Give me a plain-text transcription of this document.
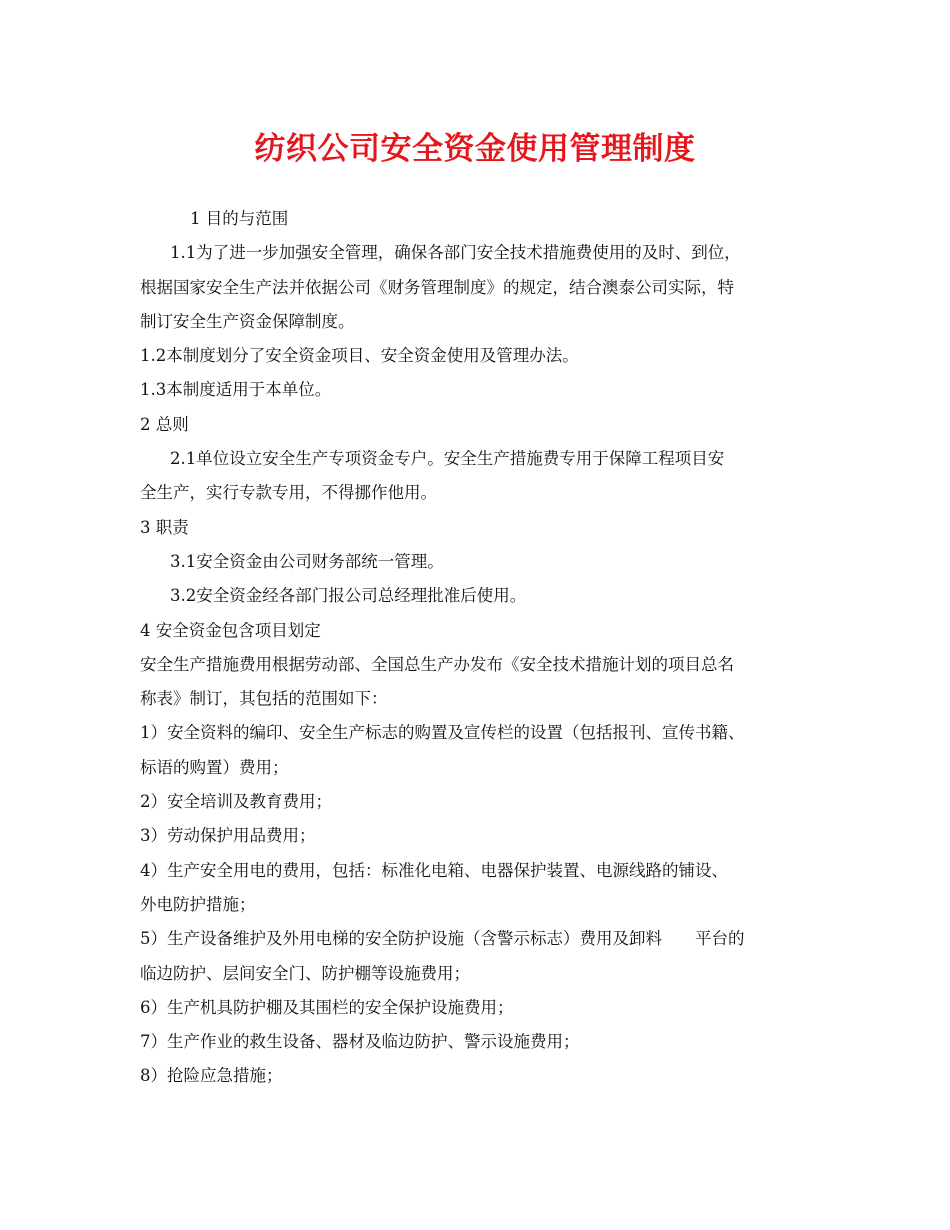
纺织公司安全资金使用管理制度
1 目的与范围
1.1为了进一步加强安全管理，确保各部门安全技术措施费使用的及时、到位，
根据国家安全生产法并依据公司《财务管理制度》的规定，结合澳泰公司实际，特
制订安全生产资金保障制度。
1.2本制度划分了安全资金项目、安全资金使用及管理办法。
1.3本制度适用于本单位。
2 总则
2.1单位设立安全生产专项资金专户。安全生产措施费专用于保障工程项目安
全生产，实行专款专用，不得挪作他用。
3 职责
3.1安全资金由公司财务部统一管理。
3.2安全资金经各部门报公司总经理批准后使用。
4 安全资金包含项目划定
安全生产措施费用根据劳动部、全国总生产办发布《安全技术措施计划的项目总名
称表》制订，其包括的范围如下：
1）安全资料的编印、安全生产标志的购置及宣传栏的设置（包括报刊、宣传书籍、
标语的购置）费用；
2）安全培训及教育费用；
3）劳动保护用品费用；
4）生产安全用电的费用，包括：标准化电箱、电器保护装置、电源线路的铺设、
外电防护措施；
5）生产设备维护及外用电梯的安全防护设施（含警示标志）费用及卸料　　平台的
临边防护、层间安全门、防护棚等设施费用；
6）生产机具防护棚及其围栏的安全保护设施费用；
7）生产作业的救生设备、器材及临边防护、警示设施费用；
8）抢险应急措施；
